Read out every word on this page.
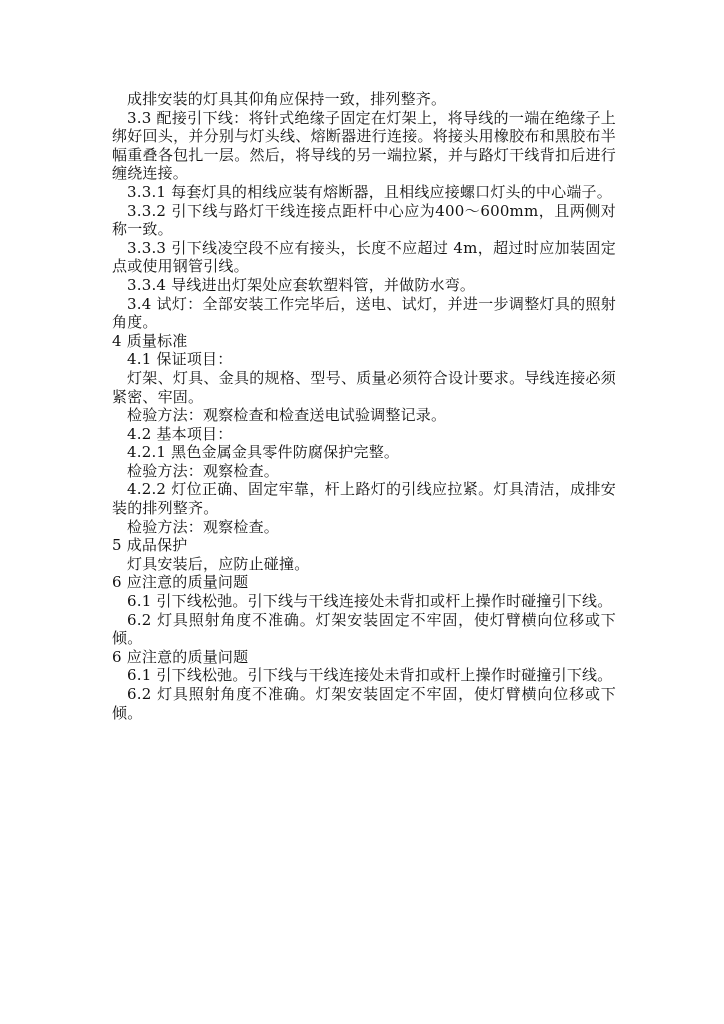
成排安装的灯具其仰角应保持一致，排列整齐。

3.3 配接引下线：将针式绝缘子固定在灯架上，将导线的一端在绝缘子上绑好回头，并分别与灯头线、熔断器进行连接。将接头用橡胶布和黑胶布半幅重叠各包扎一层。然后，将导线的另一端拉紧，并与路灯干线背扣后进行缠绕连接。

3.3.1 每套灯具的相线应装有熔断器，且相线应接螺口灯头的中心端子。

3.3.2 引下线与路灯干线连接点距杆中心应为400～600mm，且两侧对称一致。

3.3.3 引下线凌空段不应有接头，长度不应超过 4m，超过时应加装固定点或使用钢管引线。

3.3.4 导线进出灯架处应套软塑料管，并做防水弯。

3.4 试灯：全部安装工作完毕后，送电、试灯，并进一步调整灯具的照射角度。

4 质量标准

4.1 保证项目：

灯架、灯具、金具的规格、型号、质量必须符合设计要求。导线连接必须紧密、牢固。

检验方法：观察检查和检查送电试验调整记录。

4.2 基本项目：

4.2.1 黑色金属金具零件防腐保护完整。

检验方法：观察检查。

4.2.2 灯位正确、固定牢靠，杆上路灯的引线应拉紧。灯具清洁，成排安装的排列整齐。

检验方法：观察检查。

5 成品保护

灯具安装后，应防止碰撞。

6 应注意的质量问题

6.1 引下线松弛。引下线与干线连接处未背扣或杆上操作时碰撞引下线。

6.2 灯具照射角度不准确。灯架安装固定不牢固，使灯臂横向位移或下倾。

6 应注意的质量问题

6.1 引下线松弛。引下线与干线连接处未背扣或杆上操作时碰撞引下线。

6.2 灯具照射角度不准确。灯架安装固定不牢固，使灯臂横向位移或下倾。
